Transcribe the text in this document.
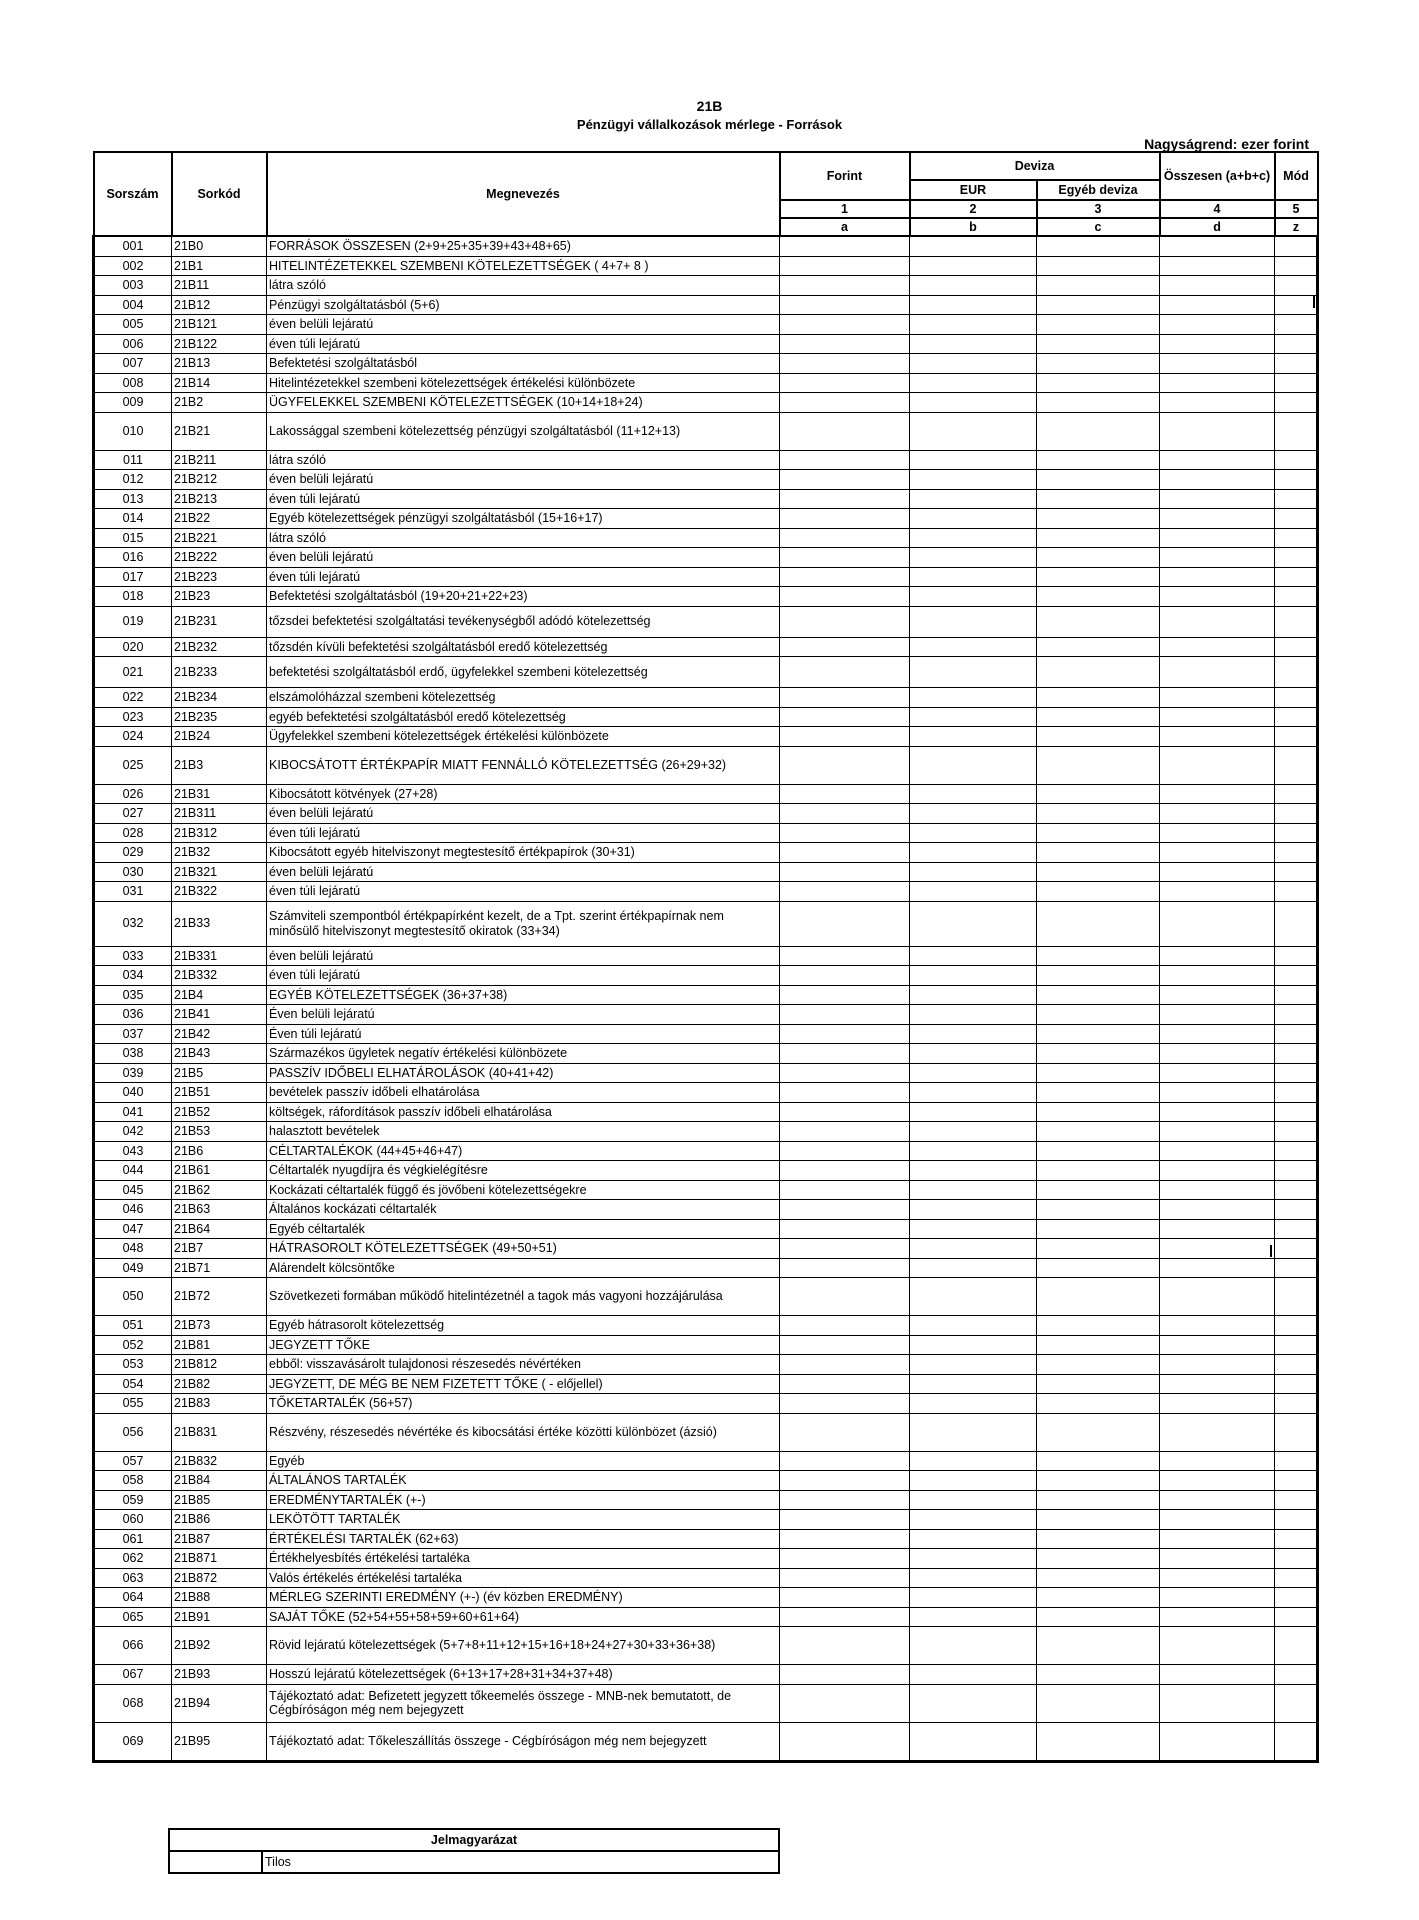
21B
Pénzügyi vállalkozások mérlege - Források
Nagyságrend: ezer forint
Sorszám	Sorkód	Megnevezés	Forint	Deviza		Összesen (a+b+c)	Mód
				EUR	Egyéb deviza		
			1	2	3	4	5
			a	b	c	d	z
001	21B0	FORRÁSOK ÖSSZESEN (2+9+25+35+39+43+48+65)					
002	21B1	HITELINTÉZETEKKEL SZEMBENI KÖTELEZETTSÉGEK ( 4+7+ 8 )					
003	21B11	látra szóló					
004	21B12	Pénzügyi szolgáltatásból (5+6)					
005	21B121	éven belüli lejáratú					
006	21B122	éven túli lejáratú					
007	21B13	Befektetési szolgáltatásból					
008	21B14	Hitelintézetekkel szembeni kötelezettségek értékelési különbözete					
009	21B2	ÜGYFELEKKEL SZEMBENI KÖTELEZETTSÉGEK (10+14+18+24)					
010	21B21	Lakossággal szembeni kötelezettség pénzügyi szolgáltatásból (11+12+13)					
011	21B211	látra szóló					
012	21B212	éven belüli lejáratú					
013	21B213	éven túli lejáratú					
014	21B22	Egyéb kötelezettségek pénzügyi szolgáltatásból (15+16+17)					
015	21B221	látra szóló					
016	21B222	éven belüli lejáratú					
017	21B223	éven túli lejáratú					
018	21B23	Befektetési szolgáltatásból (19+20+21+22+23)					
019	21B231	tőzsdei befektetési szolgáltatási tevékenységből adódó kötelezettség					
020	21B232	tőzsdén kívüli befektetési szolgáltatásból eredő kötelezettség					
021	21B233	befektetési szolgáltatásból erdő, ügyfelekkel szembeni kötelezettség					
022	21B234	elszámolóházzal szembeni kötelezettség					
023	21B235	egyéb befektetési szolgáltatásból eredő kötelezettség					
024	21B24	Ügyfelekkel szembeni kötelezettségek értékelési különbözete					
025	21B3	KIBOCSÁTOTT ÉRTÉKPAPÍR MIATT FENNÁLLÓ KÖTELEZETTSÉG (26+29+32)					
026	21B31	Kibocsátott kötvények (27+28)					
027	21B311	éven belüli lejáratú					
028	21B312	éven túli lejáratú					
029	21B32	Kibocsátott egyéb hitelviszonyt megtestesítő értékpapírok (30+31)					
030	21B321	éven belüli lejáratú					
031	21B322	éven túli lejáratú					
032	21B33	Számviteli szempontból értékpapírként kezelt, de a Tpt. szerint értékpapírnak nem minősülő hitelviszonyt megtestesítő okiratok (33+34)					
033	21B331	éven belüli lejáratú					
034	21B332	éven túli lejáratú					
035	21B4	EGYÉB KÖTELEZETTSÉGEK (36+37+38)					
036	21B41	Éven belüli lejáratú					
037	21B42	Éven túli lejáratú					
038	21B43	Származékos ügyletek negatív értékelési különbözete					
039	21B5	PASSZÍV IDŐBELI ELHATÁROLÁSOK (40+41+42)					
040	21B51	bevételek passzív időbeli elhatárolása					
041	21B52	költségek, ráfordítások passzív időbeli elhatárolása					
042	21B53	halasztott bevételek					
043	21B6	CÉLTARTALÉKOK (44+45+46+47)					
044	21B61	Céltartalék nyugdíjra és végkielégítésre					
045	21B62	Kockázati céltartalék függő és jövőbeni kötelezettségekre					
046	21B63	Általános kockázati céltartalék					
047	21B64	Egyéb céltartalék					
048	21B7	HÁTRASOROLT KÖTELEZETTSÉGEK (49+50+51)					
049	21B71	Alárendelt kölcsöntőke					
050	21B72	Szövetkezeti formában működő hitelintézetnél a tagok más vagyoni hozzájárulása					
051	21B73	Egyéb hátrasorolt kötelezettség					
052	21B81	JEGYZETT TŐKE					
053	21B812	ebből: visszavásárolt tulajdonosi részesedés névértéken					
054	21B82	JEGYZETT, DE MÉG BE NEM FIZETETT TŐKE ( - előjellel)					
055	21B83	TŐKETARTALÉK (56+57)					
056	21B831	Részvény, részesedés névértéke és kibocsátási értéke közötti különbözet (ázsió)					
057	21B832	Egyéb					
058	21B84	ÁLTALÁNOS TARTALÉK					
059	21B85	EREDMÉNYTARTALÉK (+-)					
060	21B86	LEKÖTÖTT TARTALÉK					
061	21B87	ÉRTÉKELÉSI TARTALÉK (62+63)					
062	21B871	Értékhelyesbítés értékelési tartaléka					
063	21B872	Valós értékelés értékelési tartaléka					
064	21B88	MÉRLEG SZERINTI EREDMÉNY (+-) (év közben EREDMÉNY)					
065	21B91	SAJÁT TŐKE (52+54+55+58+59+60+61+64)					
066	21B92	Rövid lejáratú kötelezettségek (5+7+8+11+12+15+16+18+24+27+30+33+36+38)					
067	21B93	Hosszú lejáratú kötelezettségek (6+13+17+28+31+34+37+48)					
068	21B94	Tájékoztató adat: Befizetett jegyzett tőkeemelés összege - MNB-nek bemutatott, de Cégbíróságon még nem bejegyzett					
069	21B95	Tájékoztató adat: Tőkeleszállítás összege - Cégbíróságon még nem bejegyzett					
Jelmagyarázat
	Tilos
